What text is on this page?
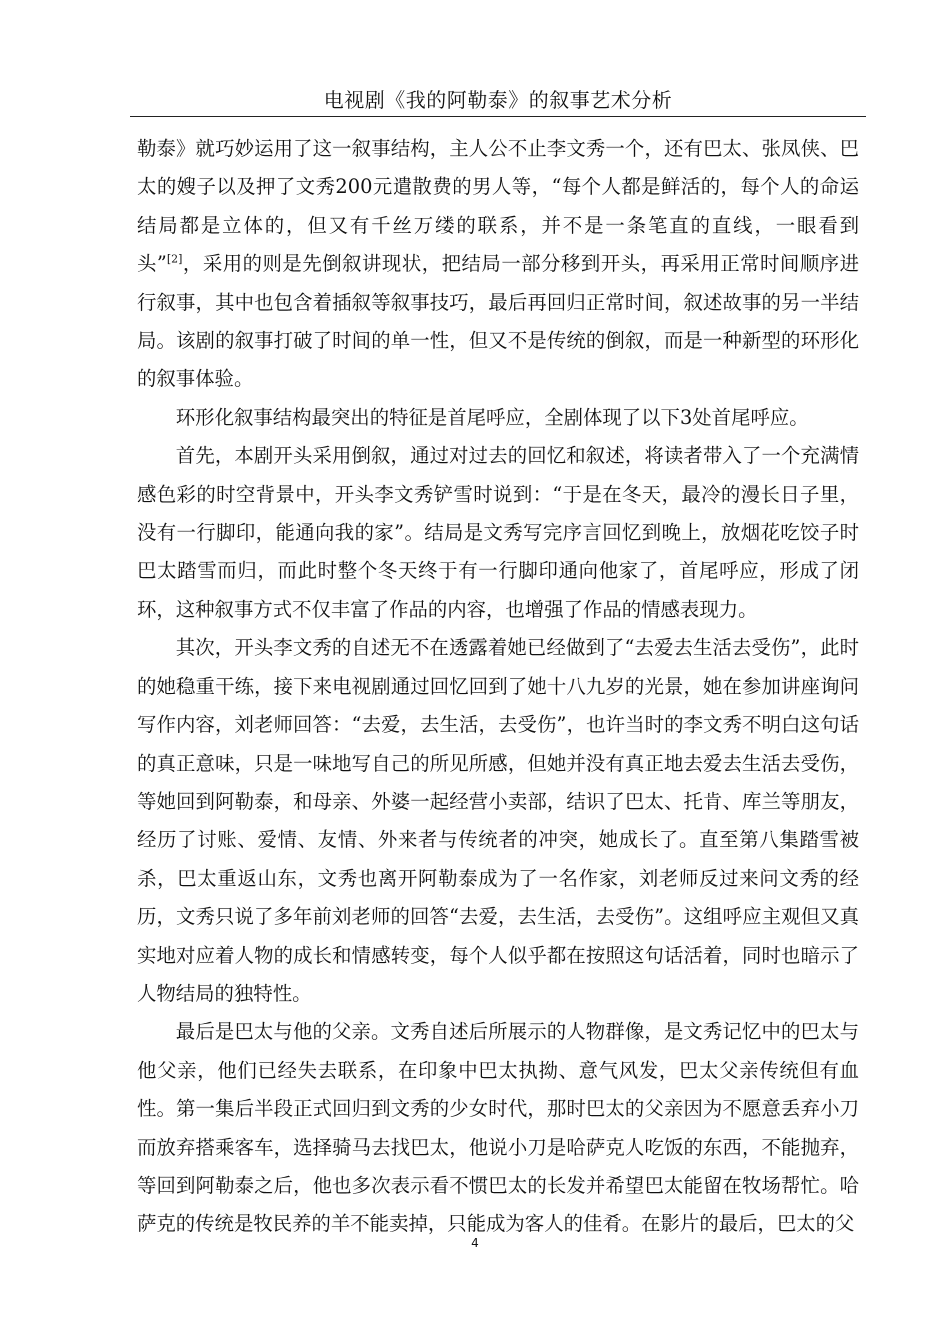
电视剧《我的阿勒泰》的叙事艺术分析

勒泰》就巧妙运用了这一叙事结构，主人公不止李文秀一个，还有巴太、张凤侠、巴太的嫂子以及押了文秀200元遣散费的男人等，“每个人都是鲜活的，每个人的命运结局都是立体的，但又有千丝万缕的联系，并不是一条笔直的直线，一眼看到头”[2]，采用的则是先倒叙讲现状，把结局一部分移到开头，再采用正常时间顺序进行叙事，其中也包含着插叙等叙事技巧，最后再回归正常时间，叙述故事的另一半结局。该剧的叙事打破了时间的单一性，但又不是传统的倒叙，而是一种新型的环形化的叙事体验。

环形化叙事结构最突出的特征是首尾呼应，全剧体现了以下3处首尾呼应。

首先，本剧开头采用倒叙，通过对过去的回忆和叙述，将读者带入了一个充满情感色彩的时空背景中，开头李文秀铲雪时说到：“于是在冬天，最冷的漫长日子里，没有一行脚印，能通向我的家”。结局是文秀写完序言回忆到晚上，放烟花吃饺子时巴太踏雪而归，而此时整个冬天终于有一行脚印通向他家了，首尾呼应，形成了闭环，这种叙事方式不仅丰富了作品的内容，也增强了作品的情感表现力。

其次，开头李文秀的自述无不在透露着她已经做到了“去爱去生活去受伤”，此时的她稳重干练，接下来电视剧通过回忆回到了她十八九岁的光景，她在参加讲座询问写作内容，刘老师回答：“去爱，去生活，去受伤”，也许当时的李文秀不明白这句话的真正意味，只是一味地写自己的所见所感，但她并没有真正地去爱去生活去受伤，等她回到阿勒泰，和母亲、外婆一起经营小卖部，结识了巴太、托肯、库兰等朋友，经历了讨账、爱情、友情、外来者与传统者的冲突，她成长了。直至第八集踏雪被杀，巴太重返山东，文秀也离开阿勒泰成为了一名作家，刘老师反过来问文秀的经历，文秀只说了多年前刘老师的回答“去爱，去生活，去受伤”。这组呼应主观但又真实地对应着人物的成长和情感转变，每个人似乎都在按照这句话活着，同时也暗示了人物结局的独特性。

最后是巴太与他的父亲。文秀自述后所展示的人物群像，是文秀记忆中的巴太与他父亲，他们已经失去联系，在印象中巴太执拗、意气风发，巴太父亲传统但有血性。第一集后半段正式回归到文秀的少女时代，那时巴太的父亲因为不愿意丢弃小刀而放弃搭乘客车，选择骑马去找巴太，他说小刀是哈萨克人吃饭的东西，不能抛弃，等回到阿勒泰之后，他也多次表示看不惯巴太的长发并希望巴太能留在牧场帮忙。哈萨克的传统是牧民养的羊不能卖掉，只能成为客人的佳肴。在影片的最后，巴太的父

4
